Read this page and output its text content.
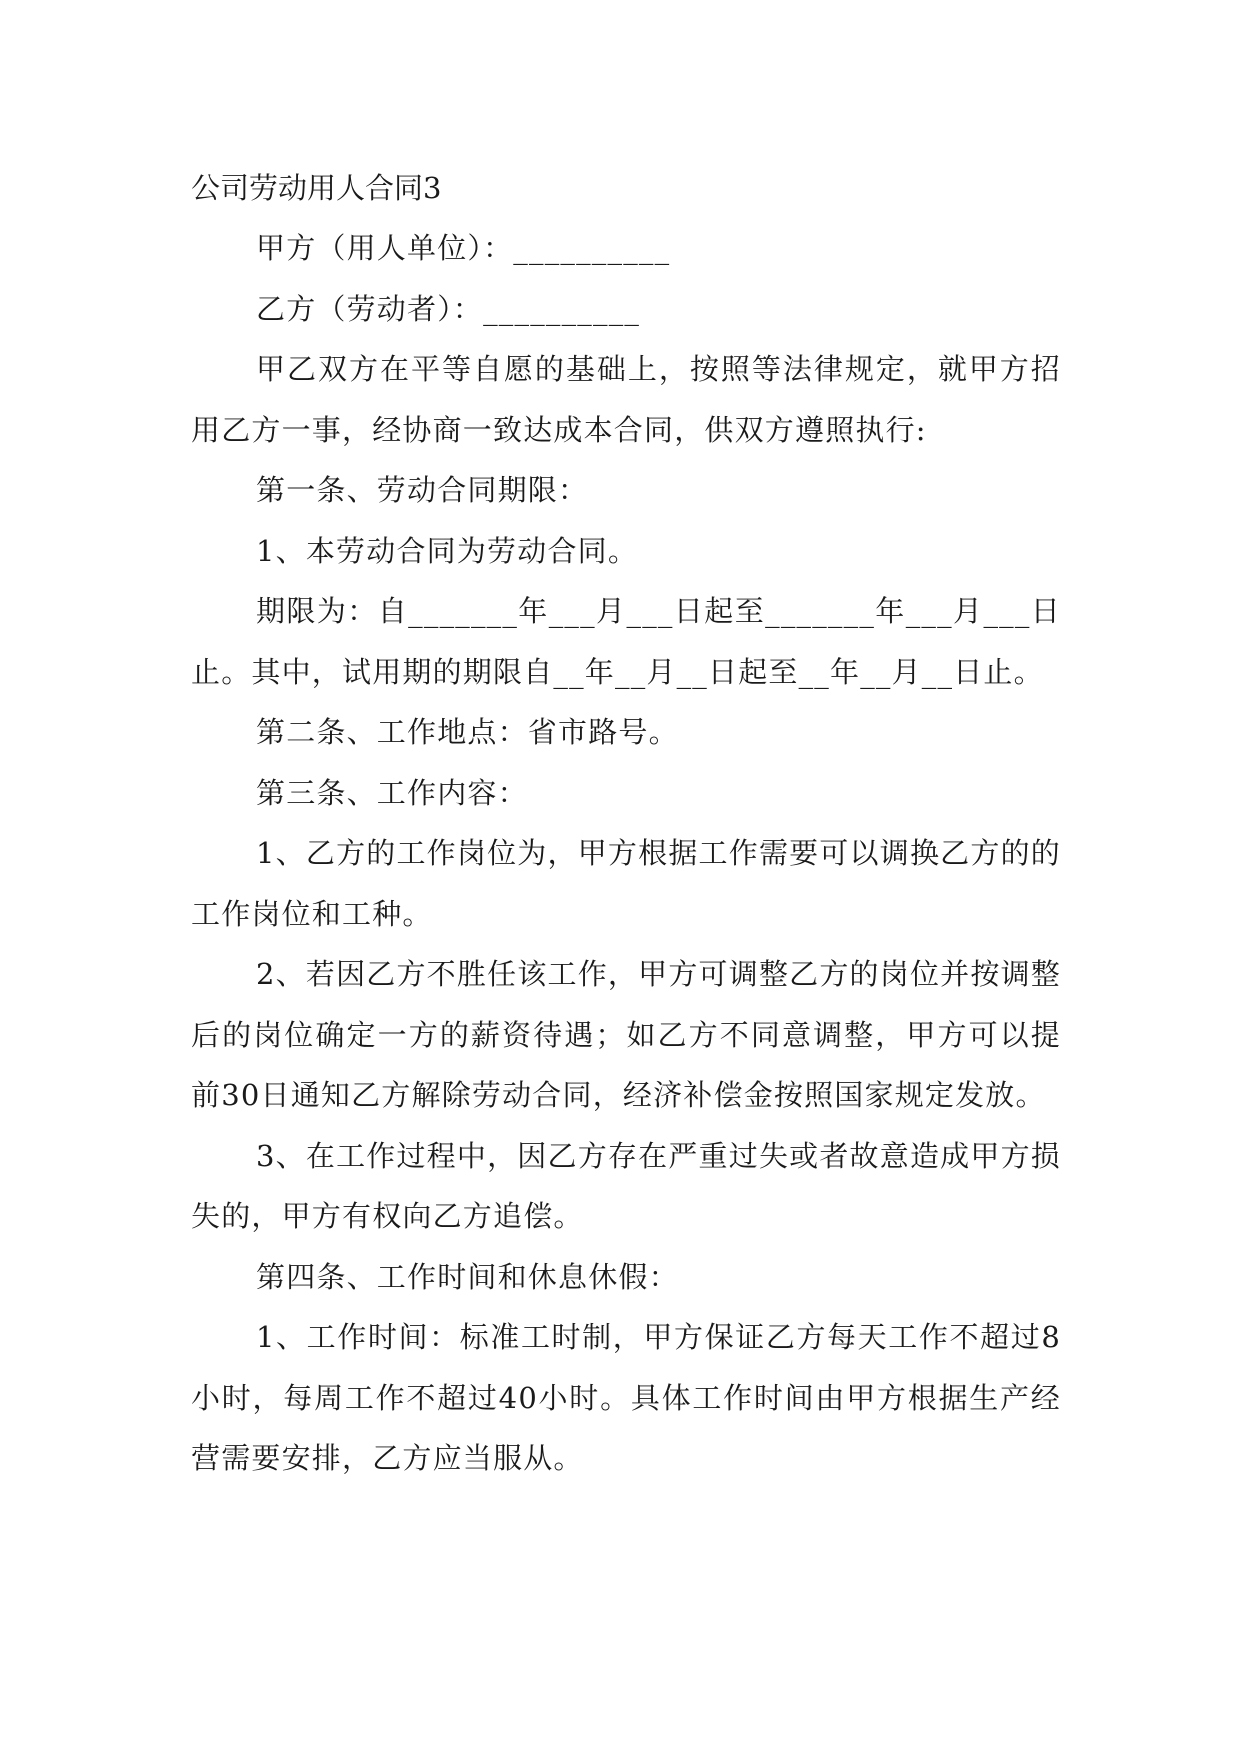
公司劳动用人合同3

甲方（用人单位）：__________

乙方（劳动者）：__________

甲乙双方在平等自愿的基础上，按照等法律规定，就甲方招用乙方一事，经协商一致达成本合同，供双方遵照执行:

第一条、劳动合同期限：

1、本劳动合同为劳动合同。

期限为：自_______年___月___日起至_______年___月___日止。其中，试用期的期限自__年__月__日起至__年__月__日止。

第二条、工作地点：省市路号。

第三条、工作内容：

1、乙方的工作岗位为，甲方根据工作需要可以调换乙方的的工作岗位和工种。

2、若因乙方不胜任该工作，甲方可调整乙方的岗位并按调整后的岗位确定一方的薪资待遇；如乙方不同意调整，甲方可以提前30日通知乙方解除劳动合同，经济补偿金按照国家规定发放。

3、在工作过程中，因乙方存在严重过失或者故意造成甲方损失的，甲方有权向乙方追偿。

第四条、工作时间和休息休假：

1、工作时间：标准工时制，甲方保证乙方每天工作不超过8小时，每周工作不超过40小时。具体工作时间由甲方根据生产经营需要安排，乙方应当服从。
